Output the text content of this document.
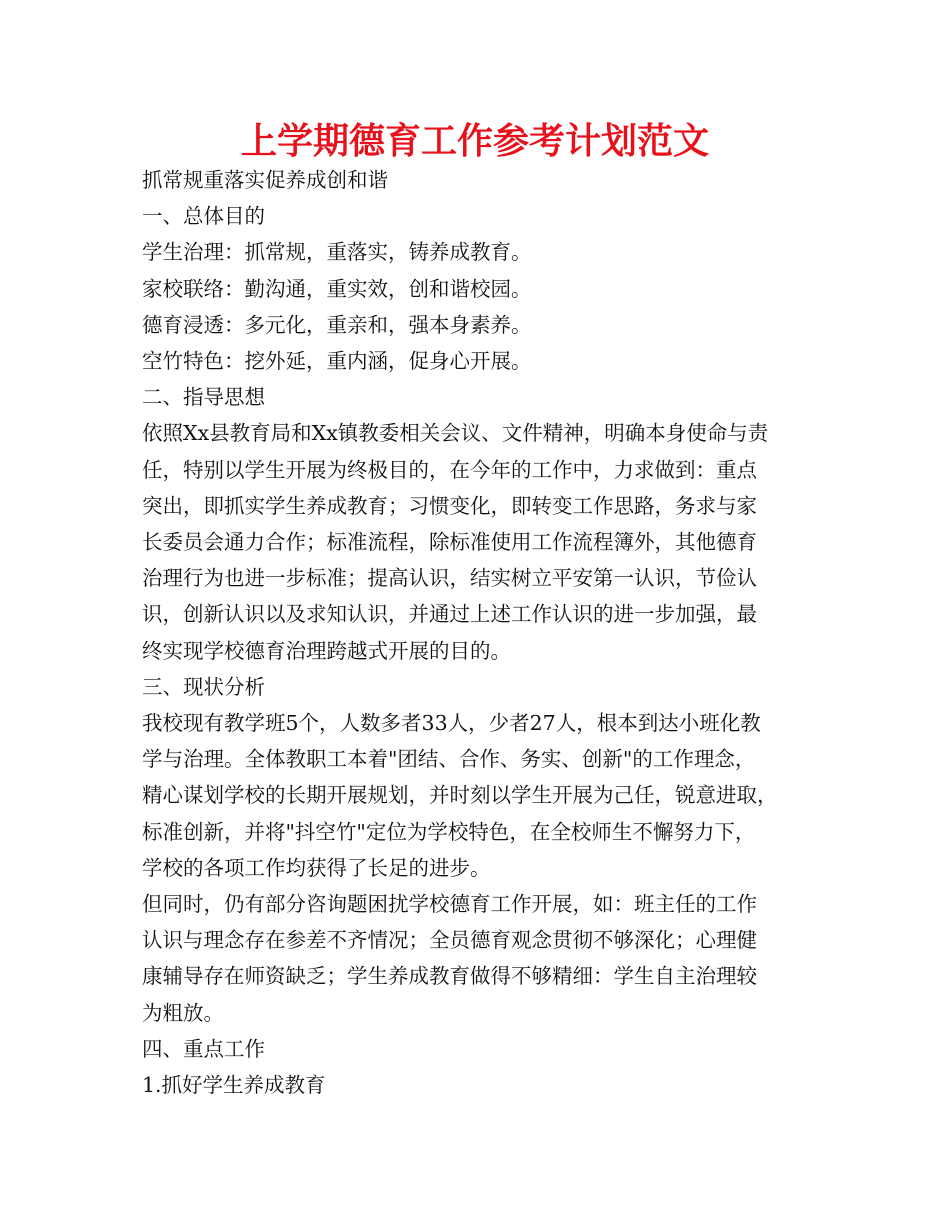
上学期德育工作参考计划范文

抓常规重落实促养成创和谐

一、总体目的

学生治理：抓常规，重落实，铸养成教育。

家校联络：勤沟通，重实效，创和谐校园。

德育浸透：多元化，重亲和，强本身素养。

空竹特色：挖外延，重内涵，促身心开展。

二、指导思想

依照Xx县教育局和Xx镇教委相关会议、文件精神，明确本身使命与责

任，特别以学生开展为终极目的，在今年的工作中，力求做到：重点

突出，即抓实学生养成教育；习惯变化，即转变工作思路，务求与家

长委员会通力合作；标准流程，除标准使用工作流程簿外，其他德育

治理行为也进一步标准；提高认识，结实树立平安第一认识，节俭认

识，创新认识以及求知认识，并通过上述工作认识的进一步加强，最

终实现学校德育治理跨越式开展的目的。

三、现状分析

我校现有教学班5个，人数多者33人，少者27人，根本到达小班化教

学与治理。全体教职工本着"团结、合作、务实、创新"的工作理念，

精心谋划学校的长期开展规划，并时刻以学生开展为己任，锐意进取，

标准创新，并将"抖空竹"定位为学校特色，在全校师生不懈努力下，

学校的各项工作均获得了长足的进步。

但同时，仍有部分咨询题困扰学校德育工作开展，如：班主任的工作

认识与理念存在参差不齐情况；全员德育观念贯彻不够深化；心理健

康辅导存在师资缺乏；学生养成教育做得不够精细：学生自主治理较

为粗放。

四、重点工作

1.抓好学生养成教育
